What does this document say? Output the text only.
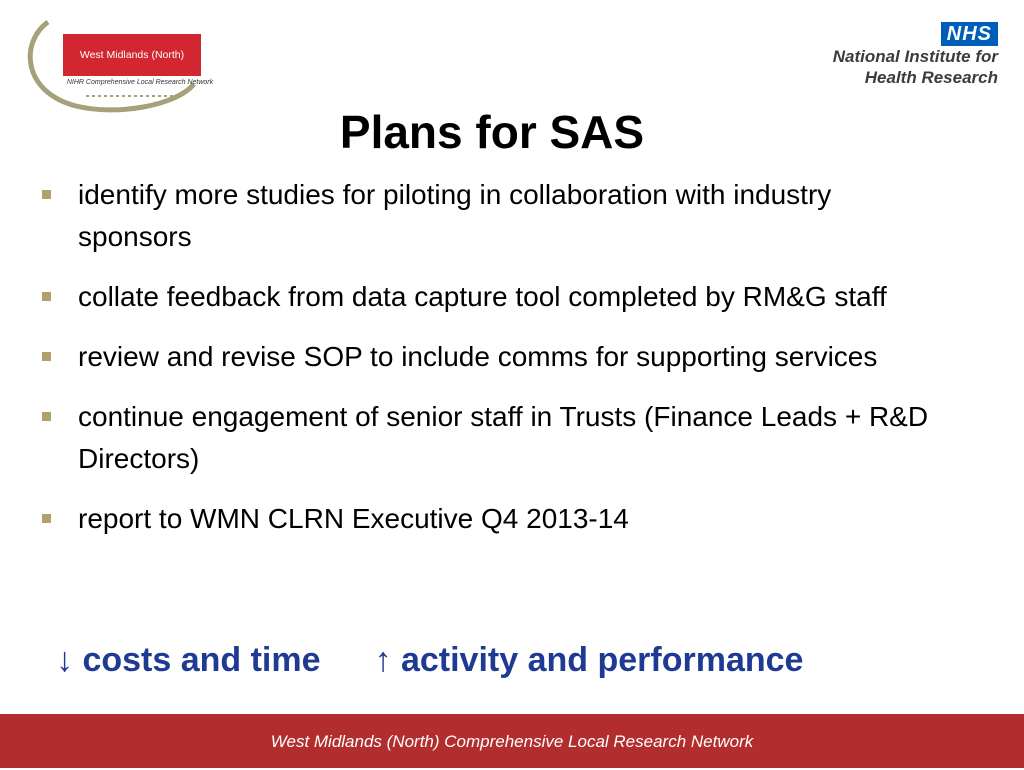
West Midlands (North)
NIHR Comprehensive Local Research Network
NHS
National Institute for
Health Research
Plans for SAS
identify more studies for piloting in collaboration with industry sponsors
collate feedback from data capture tool completed by RM&G staff
review and revise SOP to include comms for supporting services
continue engagement of senior staff in Trusts (Finance Leads + R&D Directors)
report to WMN CLRN Executive Q4 2013-14
↓ costs and time ↑ activity and performance
West Midlands (North) Comprehensive Local Research Network
